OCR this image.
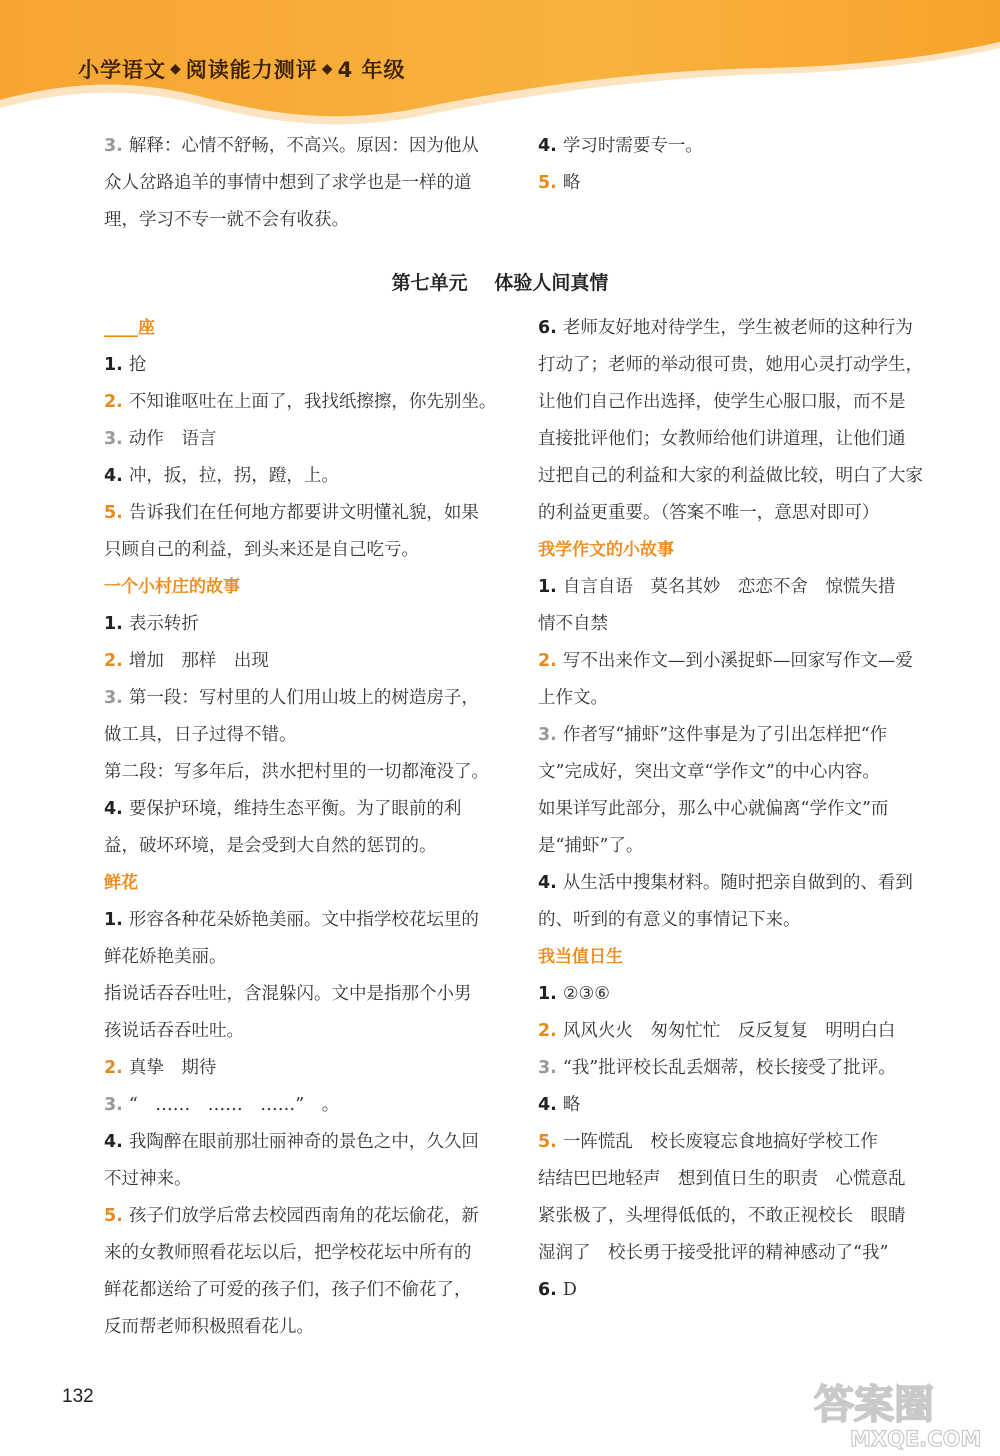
小学语文 ◆ 阅读能力测评 ◆ 4 年级
3. 解释：心情不舒畅，不高兴。原因：因为他从
众人岔路追羊的事情中想到了求学也是一样的道
理，学习不专一就不会有收获。
4. 学习时需要专一。
5. 略
第七单元 体验人间真情
____座
1. 抢
2. 不知谁呕吐在上面了，我找纸擦擦，你先别坐。
3. 动作　语言
4. 冲，扳，拉，拐，蹬，上。
5. 告诉我们在任何地方都要讲文明懂礼貌，如果
只顾自己的利益，到头来还是自己吃亏。
一个小村庄的故事
1. 表示转折
2. 增加　那样　出现
3. 第一段：写村里的人们用山坡上的树造房子，
做工具，日子过得不错。
第二段：写多年后，洪水把村里的一切都淹没了。
4. 要保护环境，维持生态平衡。为了眼前的利
益，破坏环境，是会受到大自然的惩罚的。
鲜花
1. 形容各种花朵娇艳美丽。文中指学校花坛里的
鲜花娇艳美丽。
指说话吞吞吐吐，含混躲闪。文中是指那个小男
孩说话吞吞吐吐。
2. 真挚　期待
3. “　……　……　……”　。
4. 我陶醉在眼前那壮丽神奇的景色之中，久久回
不过神来。
5. 孩子们放学后常去校园西南角的花坛偷花，新
来的女教师照看花坛以后，把学校花坛中所有的
鲜花都送给了可爱的孩子们，孩子们不偷花了，
反而帮老师积极照看花儿。
6. 老师友好地对待学生，学生被老师的这种行为
打动了；老师的举动很可贵，她用心灵打动学生，
让他们自己作出选择，使学生心服口服，而不是
直接批评他们；女教师给他们讲道理，让他们通
过把自己的利益和大家的利益做比较，明白了大家
的利益更重要。（答案不唯一，意思对即可）
我学作文的小故事
1. 自言自语　莫名其妙　恋恋不舍　惊慌失措
情不自禁
2. 写不出来作文—到小溪捉虾—回家写作文—爱
上作文。
3. 作者写“捕虾”这件事是为了引出怎样把“作
文”完成好，突出文章“学作文”的中心内容。
如果详写此部分，那么中心就偏离“学作文”而
是“捕虾”了。
4. 从生活中搜集材料。随时把亲自做到的、看到
的、听到的有意义的事情记下来。
我当值日生
1. ②③⑥
2. 风风火火　匆匆忙忙　反反复复　明明白白
3. “我”批评校长乱丢烟蒂，校长接受了批评。
4. 略
5. 一阵慌乱　校长废寝忘食地搞好学校工作
结结巴巴地轻声　想到值日生的职责　心慌意乱
紧张极了，头埋得低低的，不敢正视校长　眼睛
湿润了　校长勇于接受批评的精神感动了“我”
6. D
132	答案圈
MXQE.COM
